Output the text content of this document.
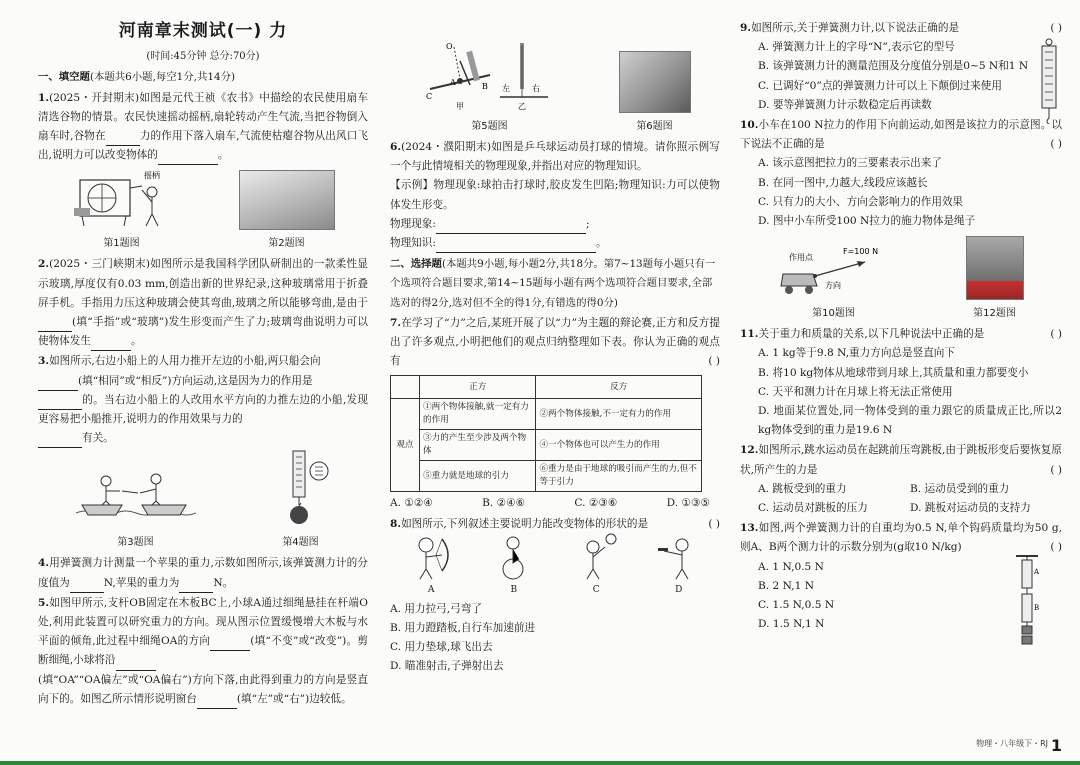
河南章末测试(一) 力
(时间:45分钟 总分:70分)
一、填空题(本题共6小题,每空1分,共14分)

1.(2025・开封期末)如图是元代王祯《农书》中描绘的农民使用扇车清选谷物的情景。农民快速摇动摇柄,扇轮转动产生气流,当把谷物倒入扇车时,谷物在	力的作用下落入扇车,气流使枯瘪谷物从出风口飞出,说明力可以改变物体的	。

摇柄
第1题图	第2题图

2.(2025・三门峡期末)如图所示是我国科学团队研制出的一款柔性显示玻璃,厚度仅有0.03 mm,创造出新的世界纪录,这种玻璃常用于折叠屏手机。手指用力压这种玻璃会使其弯曲,玻璃之所以能够弯曲,是由于(填“手指”或“玻璃”)发生形变而产生了力;玻璃弯曲说明力可以使物体发生	。

3.如图所示,右边小船上的人用力推开左边的小船,两只船会向
(填“相同”或“相反”)方向运动,这是因为力的作用是
的。当右边小船上的人改用水平方向的力推左边的小船,发现更容易把小船推开,说明力的作用效果与力的
有关。

第3题图	第4题图

4.用弹簧测力计测量一个苹果的重力,示数如图所示,该弹簧测力计的分度值为	N,苹果的重力为	N。

5.如图甲所示,支杆OB固定在木板BC上,小球A通过细绳悬挂在杆端O处,利用此装置可以研究重力的方向。现从图示位置缓慢增大木板与水平面的倾角,此过程中细绳OA的方向	(填“不变”或“改变”)。剪断细绳,小球将沿
(填“OA”“OA偏左”或“OA偏右”)方向下落,由此得到重力的方向是竖直向下的。如图乙所示情形说明窗台	(填“左”或“右”)边较低。

O
A
C
B
甲
左	右
乙
第5题图	第6题图

6.(2024・濮阳期末)如图是乒乓球运动员打球的情境。请你照示例写一个与此情境相关的物理现象,并指出对应的物理知识。

【示例】物理现象:球拍击打球时,胶皮发生凹陷;物理知识:力可以使物体发生形变。

物理现象:	;

物理知识:	。

二、选择题(本题共9小题,每小题2分,共18分。第7~13题每小题只有一个选项符合题目要求,第14~15题每小题有两个选项符合题目要求,全部选对的得2分,选对但不全的得1分,有错选的得0分)

7.在学习了“力”之后,某班开展了以“力”为主题的辩论赛,正方和反方提出了许多观点,小明把他们的观点归纳整理如下表。你认为正确的观点有	( )

	正方	反方
观点	①两个物体接触,就一定有力的作用	②两个物体接触,不一定有力的作用
	③力的产生至少涉及两个物体	④一个物体也可以产生力的作用
	⑤重力就是地球的引力	⑥重力是由于地球的吸引而产生的力,但不等于引力
A. ①②④	B. ②④⑥	C. ②③⑥	D. ①③⑤

8.如图所示,下列叙述主要说明力能改变物体的形状的是	( )

A	B	C	D

A. 用力拉弓,弓弯了

B. 用力蹬踏板,自行车加速前进

C. 用力垫球,球飞出去

D. 瞄准射击,子弹射出去

9.如图所示,关于弹簧测力计,以下说法正确的是	( )

A. 弹簧测力计上的字母“N”,表示它的型号

B. 该弹簧测力计的测量范围及分度值分别是0~5 N和1 N

C. 已调好“0”点的弹簧测力计可以上下颠倒过来使用

D. 要等弹簧测力计示数稳定后再读数

10.小车在100 N拉力的作用下向前运动,如图是该拉力的示意图。以下说法不正确的是	( )

A. 该示意图把拉力的三要素表示出来了

B. 在同一图中,力越大,线段应该越长

C. 只有力的大小、方向会影响力的作用效果

D. 图中小车所受100 N拉力的施力物体是绳子

作用点
F=100 N
方向
第10题图	第12题图

11.关于重力和质量的关系,以下几种说法中正确的是	( )

A. 1 kg等于9.8 N,重力方向总是竖直向下

B. 将10 kg物体从地球带到月球上,其质量和重力都要变小

C. 天平和测力计在月球上将无法正常使用

D. 地面某位置处,同一物体受到的重力跟它的质量成正比,所以2 kg物体受到的重力是19.6 N

12.如图所示,跳水运动员在起跳前压弯跳板,由于跳板形变后要恢复原状,所产生的力是	( )

A. 跳板受到的重力	B. 运动员受到的重力
C. 运动员对跳板的压力	D. 跳板对运动员的支持力

13.如图,两个弹簧测力计的自重均为0.5 N,单个钩码质量均为50 g,则A、B两个测力计的示数分别为(g取10 N/kg)	( )

A
B

A. 1 N,0.5 N

B. 2 N,1 N

C. 1.5 N,0.5 N

D. 1.5 N,1 N

物理・八年级下・RJ 1
